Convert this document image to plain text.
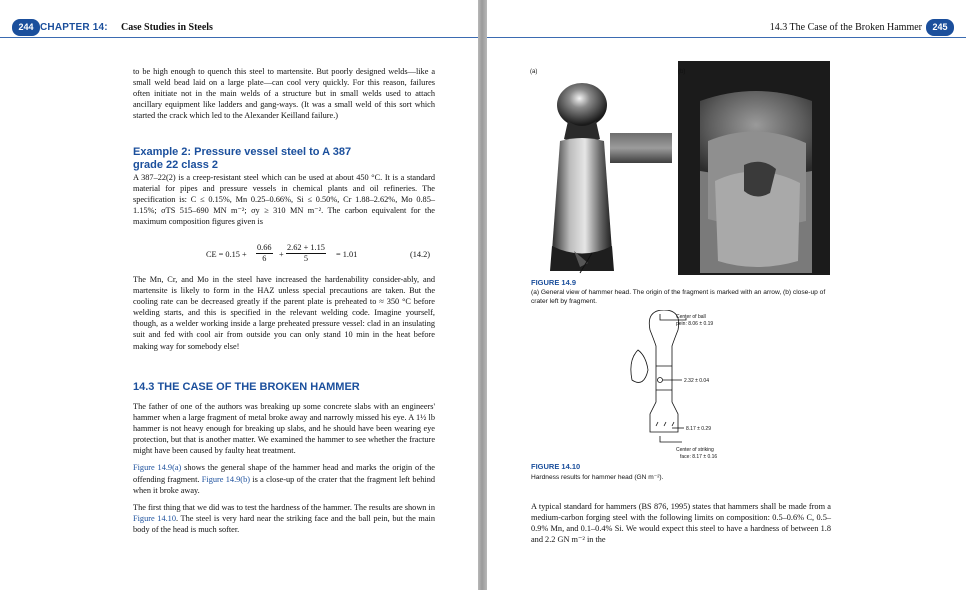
244 CHAPTER 14: Case Studies in Steels

to be high enough to quench this steel to martensite. But poorly designed welds—like a small weld bead laid on a large plate—can cool very quickly. For this reason, failures often initiate not in the main welds of a structure but in small welds used to attach ancillary equipment like ladders and gang-ways. (It was a small weld of this sort which started the crack which led to the Alexander Keilland failure.)

Example 2: Pressure vessel steel to A 387
grade 22 class 2

A 387–22(2) is a creep-resistant steel which can be used at about 450 °C. It is a standard material for pipes and pressure vessels in chemical plants and oil refineries. The specification is: C ≤ 0.15%, Mn 0.25–0.66%, Si ≤ 0.50%, Cr 1.88–2.62%, Mo 0.85–1.15%; σTS 515–690 MN m⁻²; σy ≥ 310 MN m⁻². The carbon equivalent for the maximum composition figures given is

CE = $0.15 + \frac{0.66}{6} + \frac{2.62 + 1.15}{5} = 1.01$	(14.2)

The Mn, Cr, and Mo in the steel have increased the hardenability consider-ably, and martensite is likely to form in the HAZ unless special precautions are taken. But the cooling rate can be decreased greatly if the parent plate is preheated to ≈ 350 °C before welding starts, and this is specified in the relevant welding code. Imagine yourself, though, as a welder working inside a large preheated pressure vessel: clad in an insulating suit and fed with cool air from outside you can only stand 10 min in the heat before making way for somebody else!

14.3 THE CASE OF THE BROKEN HAMMER

The father of one of the authors was breaking up some concrete slabs with an engineers' hammer when a large fragment of metal broke away and narrowly missed his eye. A 1½ lb hammer is not heavy enough for breaking up slabs, and he should have been wearing eye protection, but that is another matter. We examined the hammer to see whether the fracture might have been caused by faulty heat treatment.

Figure 14.9(a) shows the general shape of the hammer head and marks the origin of the offending fragment. Figure 14.9(b) is a close-up of the crater that the fragment left behind when it broke away.

The first thing that we did was to test the hardness of the hammer. The results are shown in Figure 14.10. The steel is very hard near the striking face and the ball pein, but the main body of the head is much softer.

14.3 The Case of the Broken Hammer	245
(a)	(b)
FIGURE 14.9
(a) General view of hammer head. The origin of the fragment is marked with an arrow, (b) close-up of crater left by fragment.
Center of ball
pein: 8.06 ± 0.19
2.32 ± 0.04
8.17 ± 0.29
Center of striking
face: 8.17 ± 0.16
FIGURE 14.10
Hardness results for hammer head (GN m⁻²).

A typical standard for hammers (BS 876, 1995) states that hammers shall be made from a medium-carbon forging steel with the following limits on composition: 0.5–0.6% C, 0.5–0.9% Mn, and 0.1–0.4% Si. We would expect this steel to have a hardness of between 1.8 and 2.2 GN m⁻² in the
